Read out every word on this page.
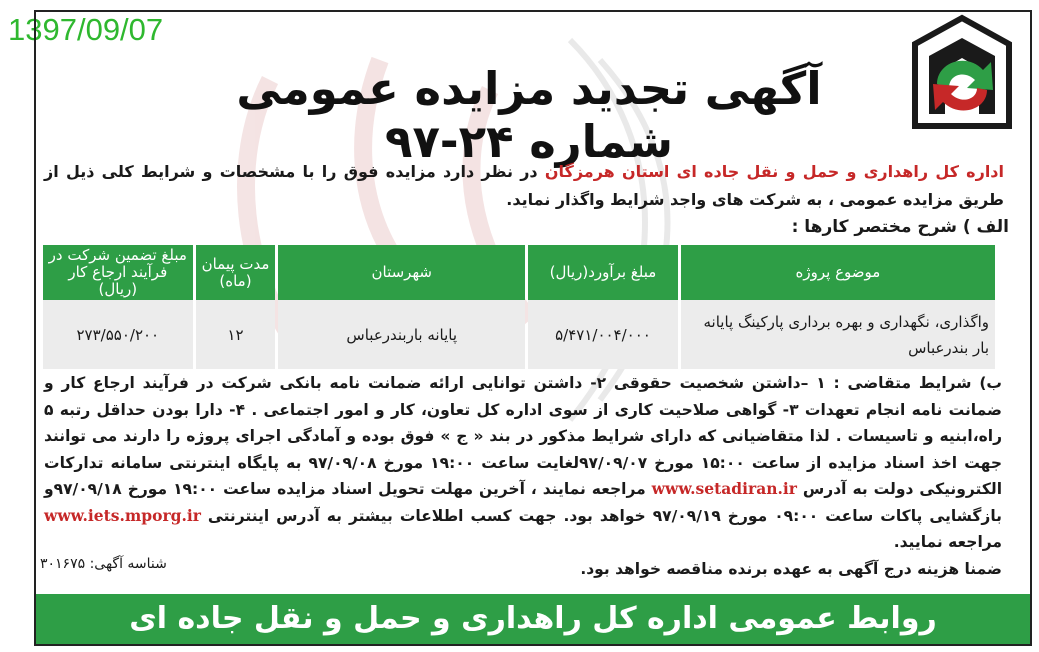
1397/09/07
آگهی تجدید مزایده عمومی شماره ۲۴-۹۷
اداره کل راهداری و حمل و نقل جاده ای استان هرمزگان در نظر دارد مزایده فوق را با مشخصات و شرایط کلی ذیل از طریق مزایده عمومی ، به شرکت های واجد شرایط واگذار نماید.
الف ) شرح مختصر کارها :
موضوع پروژه	مبلغ برآورد(ریال)	شهرستان	مدت پیمان (ماه)	مبلغ تضمین شرکت در فرآیند ارجاع کار (ریال)
واگذاری، نگهداری و بهره برداری پارکینگ پایانه بار بندرعباس	۵/۴۷۱/۰۰۴/۰۰۰	پایانه باربندرعباس	۱۲	۲۷۳/۵۵۰/۲۰۰
ب) شرایط متقاضی : ۱ –داشتن شخصیت حقوقی ۲- داشتن توانایی ارائه ضمانت نامه بانکی شرکت در فرآیند ارجاع کار و ضمانت نامه انجام تعهدات ۳- گواهی صلاحیت کاری از سوی اداره کل تعاون، کار و امور اجتماعی . ۴- دارا بودن حداقل رتبه ۵ راه،ابنیه و تاسیسات . لذا متقاضیانی که دارای شرایط مذکور در بند « ج » فوق بوده و آمادگی اجرای پروژه را دارند می توانند جهت اخذ اسناد مزایده از ساعت ۱۵:۰۰ مورخ ۹۷/۰۹/۰۷لغایت ساعت ۱۹:۰۰ مورخ ۹۷/۰۹/۰۸ به پایگاه اینترنتی سامانه تدارکات الکترونیکی دولت به آدرس www.setadiran.ir مراجعه نمایند ، آخرین مهلت تحویل اسناد مزایده ساعت ۱۹:۰۰ مورخ ۹۷/۰۹/۱۸و بازگشایی پاکات ساعت ۰۹:۰۰ مورخ ۹۷/۰۹/۱۹ خواهد بود. جهت کسب اطلاعات بیشتر به آدرس اینترنتی www.iets.mporg.ir مراجعه نمایید.
ضمنا هزینه درج آگهی به عهده برنده مناقصه خواهد بود.
شناسه آگهی: ۳۰۱۶۷۵
روابط عمومی اداره کل راهداری و حمل و نقل جاده ای
